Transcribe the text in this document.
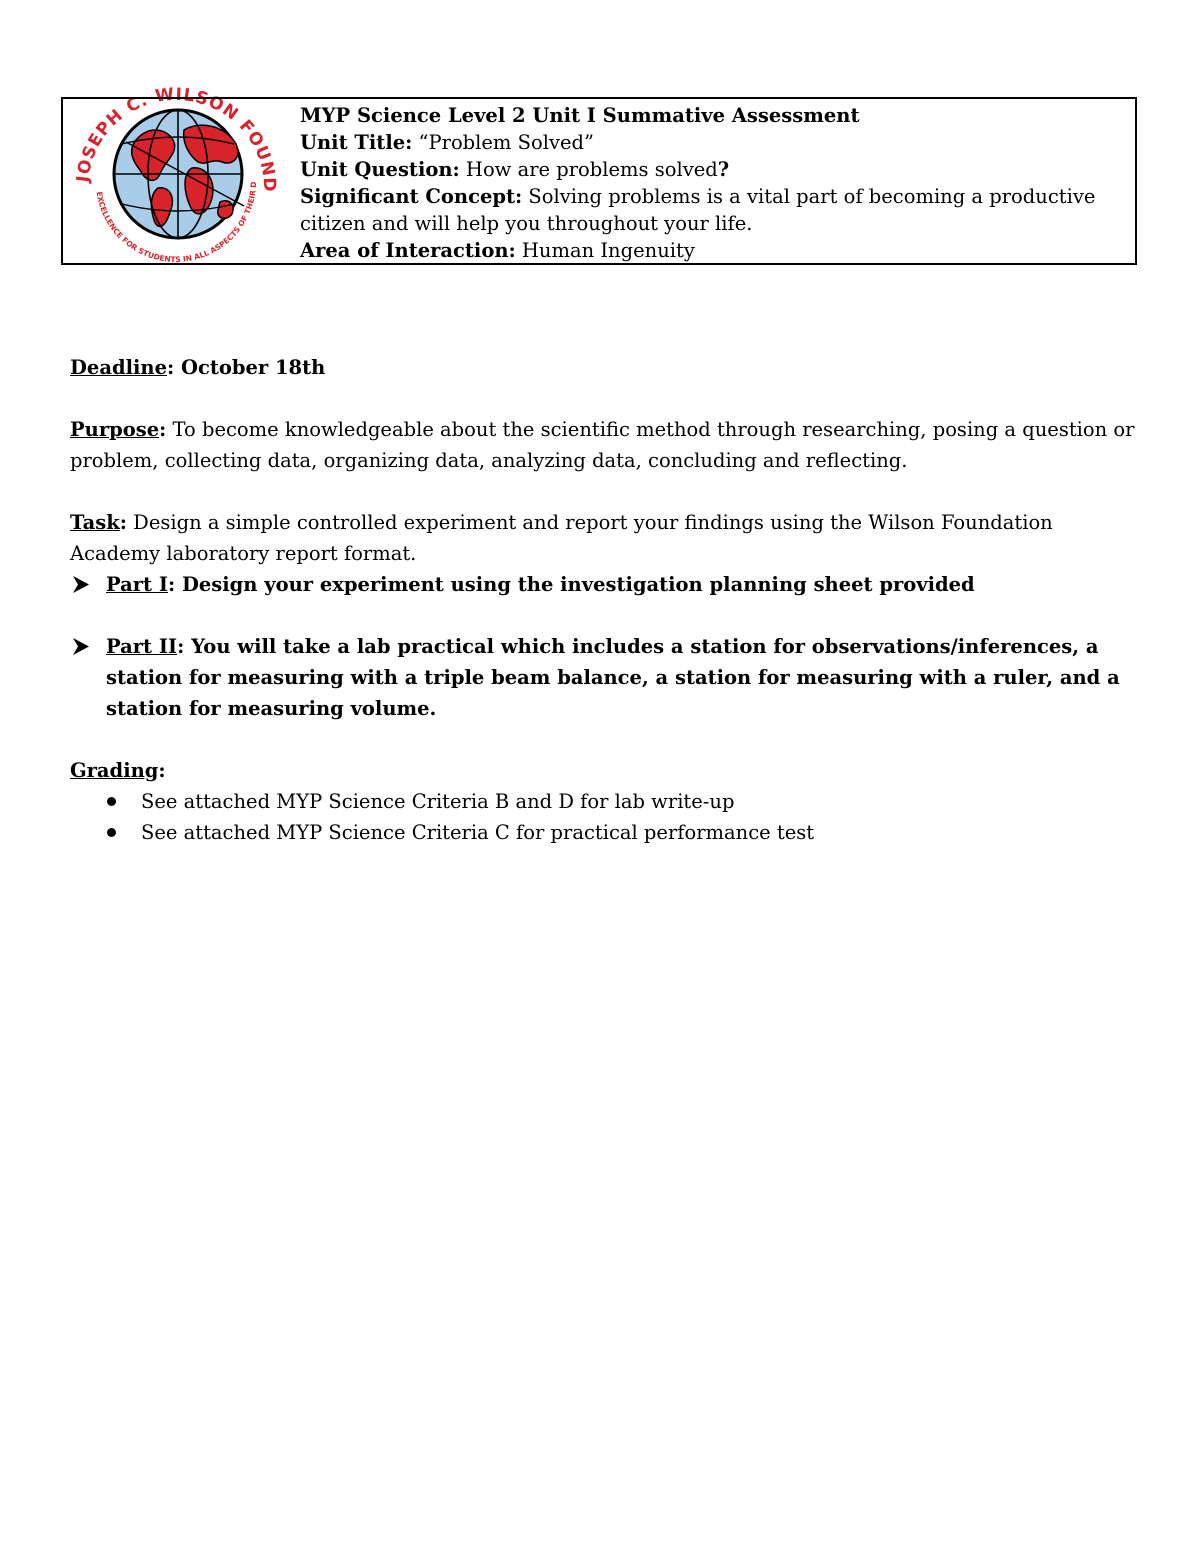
JOSEPH C. WILSON FOUND
EXCELLENCE FOR STUDENTS IN ALL ASPECTS OF THEIR D
MYP Science Level 2 Unit I Summative Assessment
Unit Title: “Problem Solved”
Unit Question: How are problems solved?
Significant Concept: Solving problems is a vital part of becoming a productive citizen and will help you throughout your life.
Area of Interaction: Human Ingenuity
Deadline: October 18th
Purpose: To become knowledgeable about the scientific method through researching, posing a question or problem, collecting data, organizing data, analyzing data, concluding and reflecting.
Task: Design a simple controlled experiment and report your findings using the Wilson Foundation Academy laboratory report format.
Part I: Design your experiment using the investigation planning sheet provided
Part II: You will take a lab practical which includes a station for observations/inferences, a station for measuring with a triple beam balance, a station for measuring with a ruler, and a station for measuring volume.
Grading:
See attached MYP Science Criteria B and D for lab write-up
See attached MYP Science Criteria C for practical performance test
